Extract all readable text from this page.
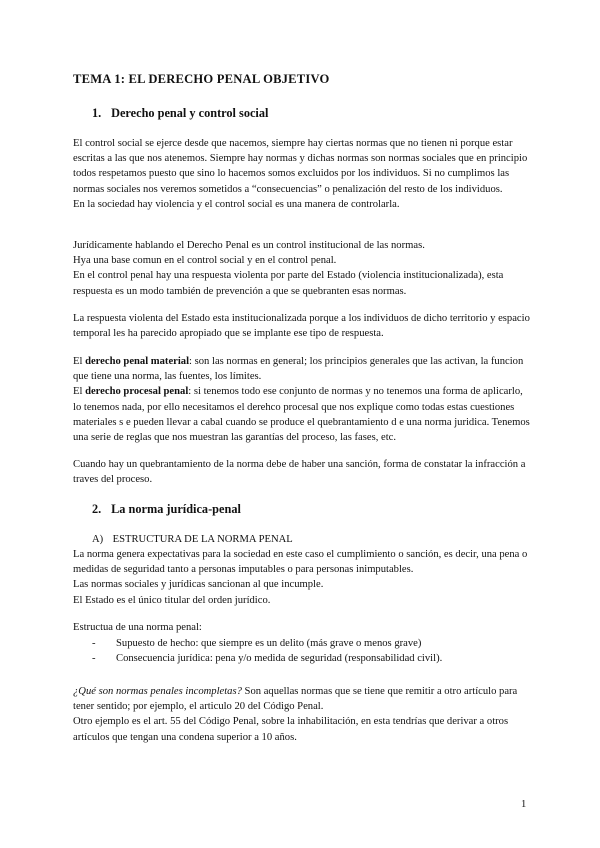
TEMA 1: EL DERECHO PENAL OBJETIVO
1. Derecho penal y control social

El control social se ejerce desde que nacemos, siempre hay ciertas normas que no tienen ni porque estar escritas a las que nos atenemos. Siempre hay normas y dichas normas son normas sociales que en principio todos respetamos puesto que sino lo hacemos somos excluidos por los individuos. Si no cumplimos las normas sociales nos veremos sometidos a “consecuencias” o penalización del resto de los individuos.

En la sociedad hay violencia y el control social es una manera de controlarla.

Jurídicamente hablando el Derecho Penal es un control institucional de las normas.

Hya una base comun en el control social y en el control penal.

En el control penal hay una respuesta violenta por parte del Estado (violencia institucionalizada), esta respuesta es un modo también de prevención a que se quebranten esas normas.

La respuesta violenta del Estado esta institucionalizada porque a los individuos de dicho territorio y espacio temporal les ha parecido apropiado que se implante ese tipo de respuesta.

El derecho penal material: son las normas en general; los principios generales que las activan, la funcion que tiene una norma, las fuentes, los límites.

El derecho procesal penal: si tenemos todo ese conjunto de normas y no tenemos una forma de aplicarlo, lo tenemos nada, por ello necesitamos el derehco procesal que nos explique como todas estas cuestiones materiales s e pueden llevar a cabal cuando se produce el quebrantamiento d e una norma juridica. Tenemos una serie de reglas que nos muestran las garantías del proceso, las fases, etc.

Cuando hay un quebrantamiento de la norma debe de haber una sanción, forma de constatar la infracción a traves del proceso.

2. La norma jurídica-penal
A) ESTRUCTURA DE LA NORMA PENAL

La norma genera expectativas para la sociedad en este caso el cumplimiento o sanción, es decir, una pena o medidas de seguridad tanto a personas imputables o para personas inimputables.

Las normas sociales y jurídicas sancionan al que incumple.

El Estado es el único titular del orden jurídico.

Estructua de una norma penal:

- Supuesto de hecho: que siempre es un delito (más grave o menos grave)
- Consecuencia jurídica: pena y/o medida de seguridad (responsabilidad civil).

¿Qué son normas penales incompletas? Son aquellas normas que se tiene que remitir a otro artículo para tener sentido; por ejemplo, el articulo 20 del Código Penal.

Otro ejemplo es el art. 55 del Código Penal, sobre la inhabilitación, en esta tendrías que derivar a otros artículos que tengan una condena superior a 10 años.

1
